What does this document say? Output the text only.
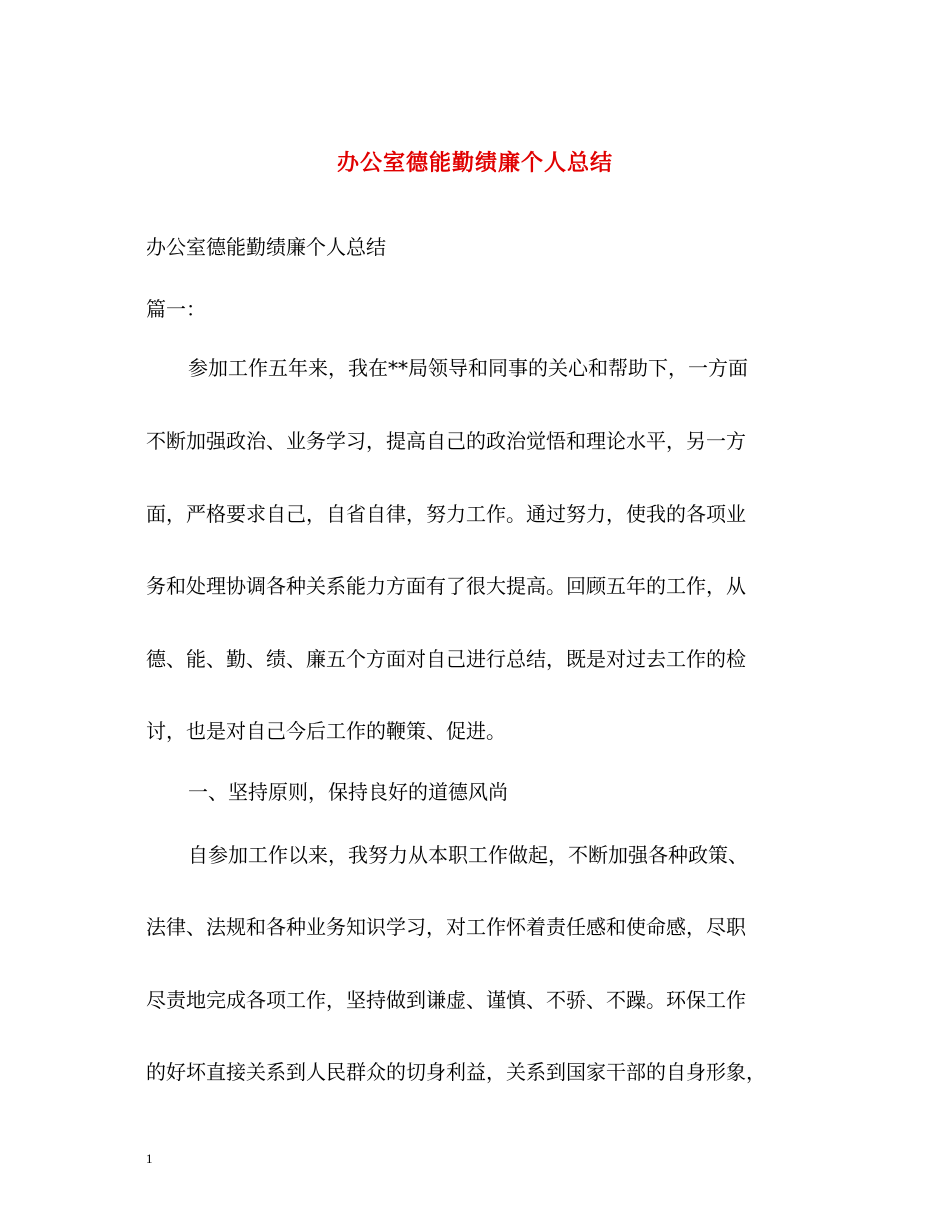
办公室德能勤绩廉个人总结
办公室德能勤绩廉个人总结
篇一：
参加工作五年来，我在**局领导和同事的关心和帮助下，一方面
不断加强政治、业务学习，提高自己的政治觉悟和理论水平，另一方
面，严格要求自己，自省自律，努力工作。通过努力，使我的各项业
务和处理协调各种关系能力方面有了很大提高。回顾五年的工作，从
德、能、勤、绩、廉五个方面对自己进行总结，既是对过去工作的检
讨，也是对自己今后工作的鞭策、促进。
一、坚持原则，保持良好的道德风尚
自参加工作以来，我努力从本职工作做起，不断加强各种政策、
法律、法规和各种业务知识学习，对工作怀着责任感和使命感，尽职
尽责地完成各项工作，坚持做到谦虚、谨慎、不骄、不躁。环保工作
的好坏直接关系到人民群众的切身利益，关系到国家干部的自身形象，
1
